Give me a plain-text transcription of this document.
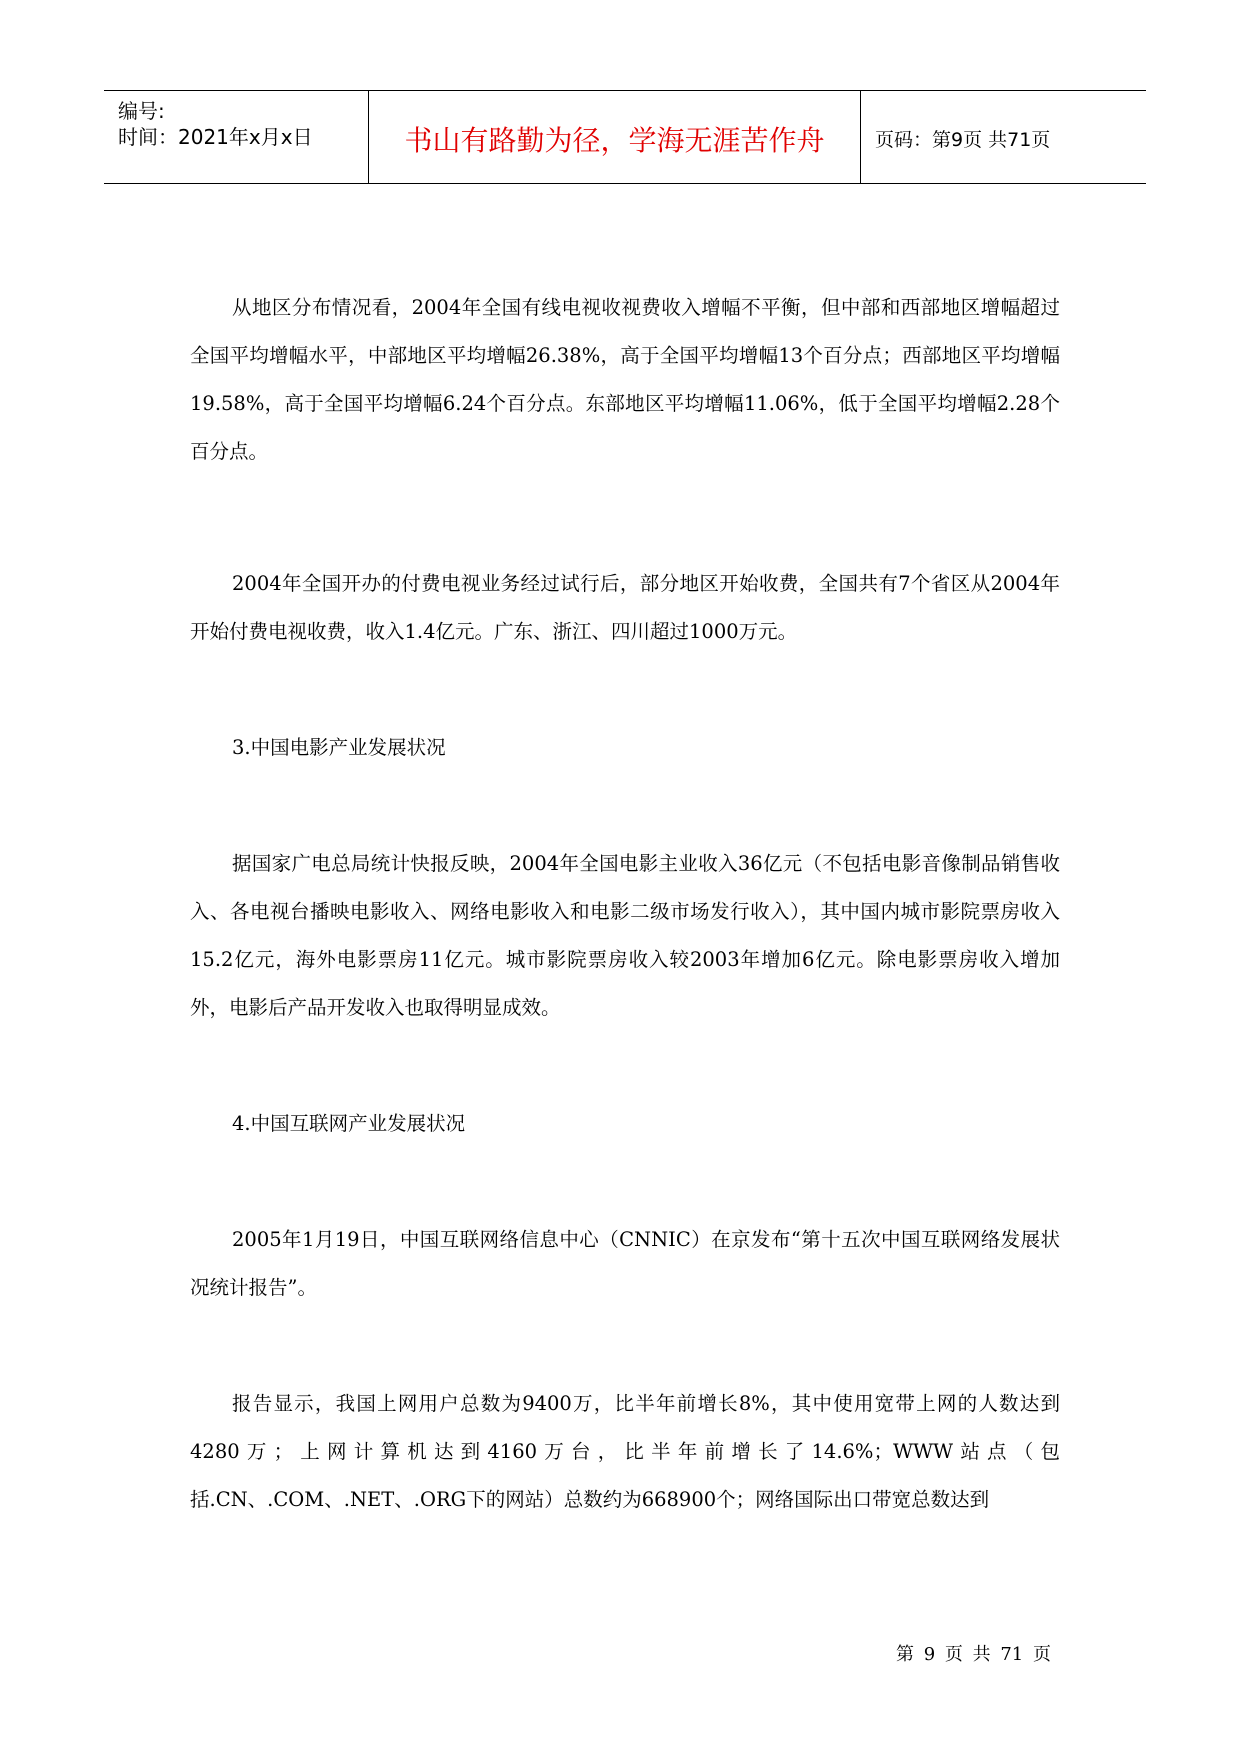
编号:
时间：2021年x月x日	书山有路勤为径，学海无涯苦作舟	页码：第9页 共71页

从地区分布情况看，2004年全国有线电视收视费收入增幅不平衡，但中部和西部地区增幅超过全国平均增幅水平，中部地区平均增幅26.38%，高于全国平均增幅13个百分点；西部地区平均增幅19.58%，高于全国平均增幅6.24个百分点。东部地区平均增幅11.06%，低于全国平均增幅2.28个百分点。

2004年全国开办的付费电视业务经过试行后，部分地区开始收费，全国共有7个省区从2004年开始付费电视收费，收入1.4亿元。广东、浙江、四川超过1000万元。

3.中国电影产业发展状况

据国家广电总局统计快报反映，2004年全国电影主业收入36亿元（不包括电影音像制品销售收入、各电视台播映电影收入、网络电影收入和电影二级市场发行收入），其中国内城市影院票房收入15.2亿元，海外电影票房11亿元。城市影院票房收入较2003年增加6亿元。除电影票房收入增加外，电影后产品开发收入也取得明显成效。

4.中国互联网产业发展状况

2005年1月19日，中国互联网络信息中心（CNNIC）在京发布“第十五次中国互联网络发展状况统计报告”。

报告显示，我国上网用户总数为9400万，比半年前增长8%，其中使用宽带上网的人数达到4280万；上网计算机达到4160万台，比半年前增长了14.6%；WWW站点（包括.CN、.COM、.NET、.ORG下的网站）总数约为668900个；网络国际出口带宽总数达到

第 9 页 共 71 页
